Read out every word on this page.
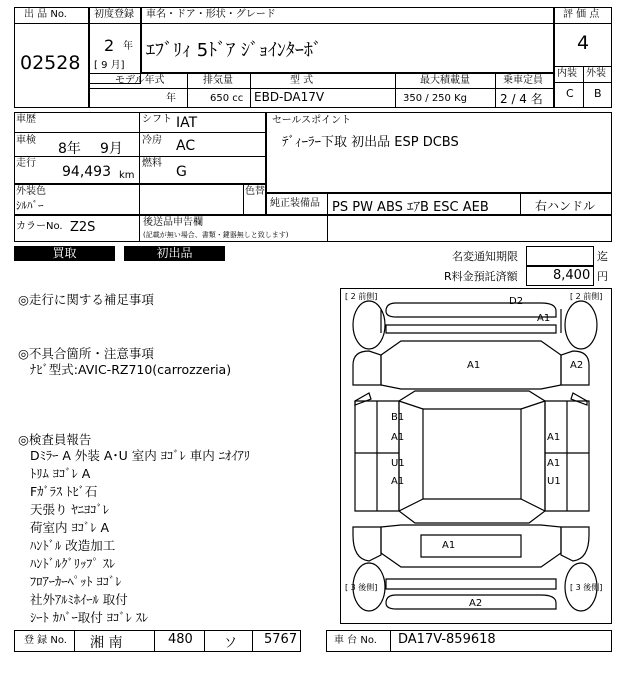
出 品 No.
02528
初度登録
2 年
[ 9 月]
車名・ドア・形状・グレード
ｴﾌﾞﾘｨ 5ﾄﾞｱ ｼﾞｮｲﾝﾀｰﾎﾞ
評 価 点
4
内装 外装
C B
モデル年式
年
排気量
650 cc
型 式
EBD-DA17V
最大積載量
350 / 250 Kg
乗車定員
2 / 4 名
車歴	シフト IAT
車検
8年 9月
冷房 AC
走行
94,493 km
燃料
G
セールスポイント
ﾃﾞｨｰﾗｰ下取 初出品 ESP DCBS
外装色
ｼﾙﾊﾞｰ
色替
純正装備品 PS PW ABS ｴｱB ESC AEB	右ハンドル
カラーNo. Z2S	後送品申告欄
(記載が無い場合、書類・鍵器無しと致します)
買取	初出品	名変通知期限	迄
R料金預託済額	8,400 円
◎走行に関する補足事項
◎不具合箇所・注意事項
ﾅﾋﾞ型式:AVIC-RZ710(carrozzeria)
◎検査員報告
Dﾐﾗｰ A 外装 A･U 室内 ﾖｺﾞﾚ 車内 ﾆｵｲｱﾘ
ﾄﾘﾑ ﾖｺﾞﾚ A
Fｶﾞﾗｽ ﾄﾋﾞ石
天張り ﾔﾆﾖｺﾞﾚ
荷室内 ﾖｺﾞﾚ A
ﾊﾝﾄﾞﾙ 改造加工
ﾊﾝﾄﾞﾙｸﾞﾘｯﾌﾟ ｽﾚ
ﾌﾛｱｰｶｰﾍﾟｯﾄ ﾖｺﾞﾚ
社外ｱﾙﾐﾎｲｰﾙ 取付
ｼｰﾄ ｶﾊﾞｰ取付 ﾖｺﾞﾚ ｽﾚ
[ 2 前側]	[ 2 前側]
[ 3 後側]	[ 3 後側]
D2
A1
A1	A2
B1
A1	A1
U1	A1
A1	U1
A1
A2
登 録 No. 湘 南	480 ソ 5767	車 台 No. DA17V-859618
